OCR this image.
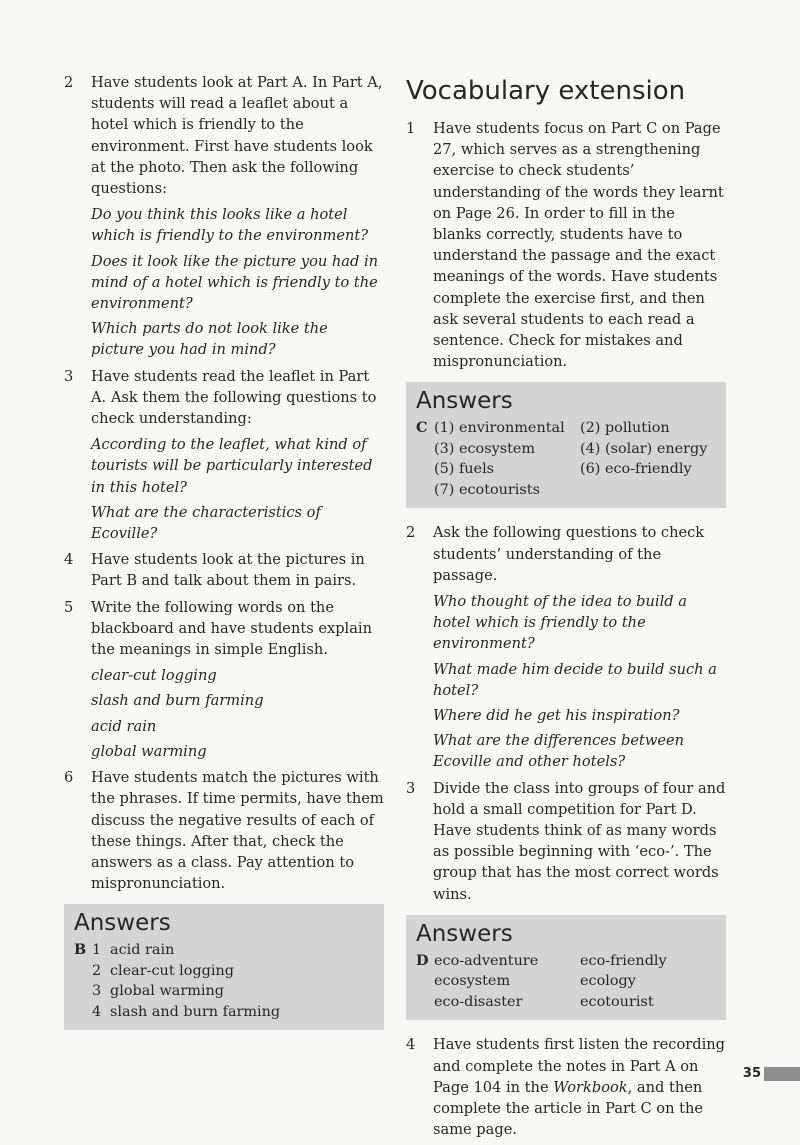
2	Have students look at Part A. In Part A, students will read a leaflet about a hotel which is friendly to the environment. First have students look at the photo. Then ask the following questions:

Do you think this looks like a hotel which is friendly to the environment?

Does it look like the picture you had in mind of a hotel which is friendly to the environment?

Which parts do not look like the picture you had in mind?

3	Have students read the leaflet in Part A. Ask them the following questions to check understanding:

According to the leaflet, what kind of tourists will be particularly interested in this hotel?

What are the characteristics of Ecoville?

4	Have students look at the pictures in Part B and talk about them in pairs.

5	Write the following words on the blackboard and have students explain the meanings in simple English.

clear-cut logging

slash and burn farming

acid rain

global warming

6	Have students match the pictures with the phrases. If time permits, have them discuss the negative results of each of these things. After that, check the answers as a class. Pay attention to mispronunciation.

Answers
B	1	acid rain
	2	clear-cut logging
	3	global warming
	4	slash and burn farming
Vocabulary extension
1	Have students focus on Part C on Page 27, which serves as a strengthening exercise to check students’ understanding of the words they learnt on Page 26. In order to fill in the blanks correctly, students have to understand the passage and the exact meanings of the words. Have students complete the exercise first, and then ask several students to each read a sentence. Check for mistakes and mispronunciation.

Answers
C	(1) environmental	(2) pollution
	(3) ecosystem	(4) (solar) energy
	(5) fuels	(6) eco-friendly
	(7) ecotourists	
2	Ask the following questions to check students’ understanding of the passage.

Who thought of the idea to build a hotel which is friendly to the environment?

What made him decide to build such a hotel?

Where did he get his inspiration?

What are the differences between Ecoville and other hotels?

3	Divide the class into groups of four and hold a small competition for Part D. Have students think of as many words as possible beginning with ‘eco-’. The group that has the most correct words wins.

Answers
D	eco-adventure	eco-friendly
	ecosystem	ecology
	eco-disaster	ecotourist
4	Have students first listen the recording and complete the notes in Part A on Page 104 in the Workbook, and then complete the article in Part C on the same page.

35
